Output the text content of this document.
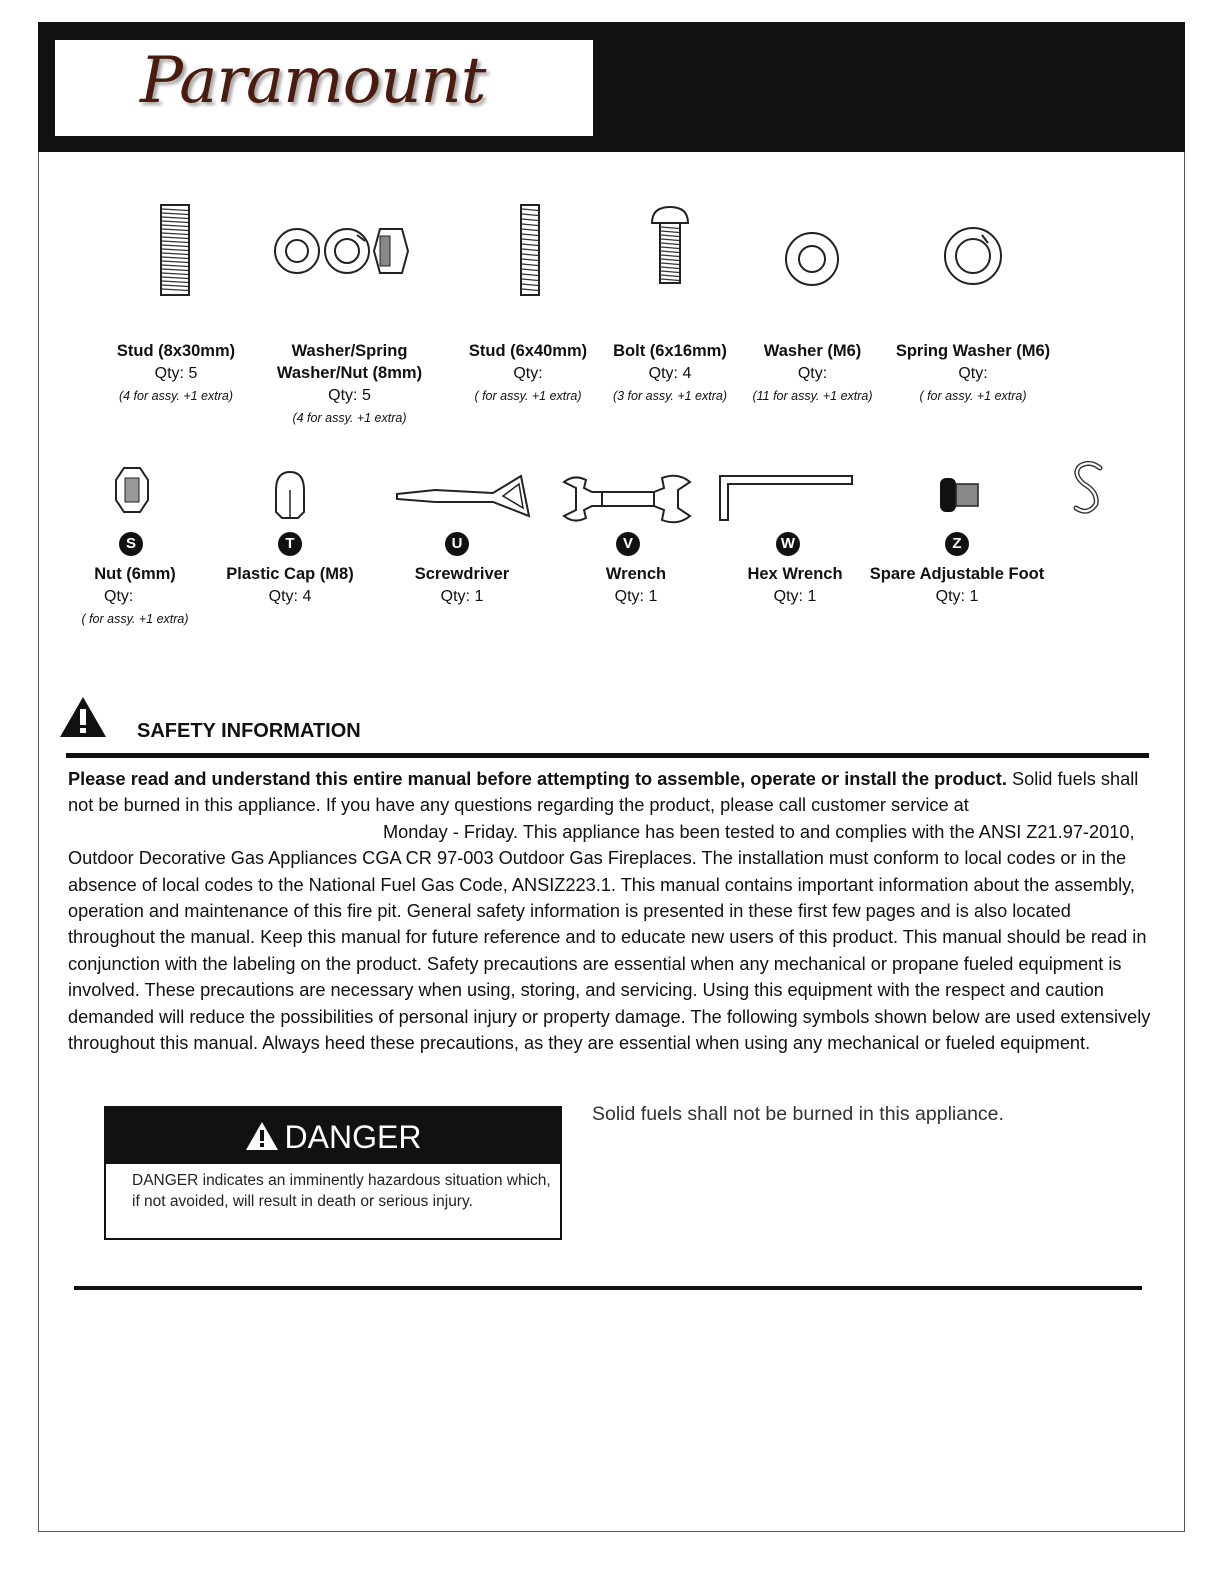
Paramount
Stud (8x30mm)
Qty: 5
(4 for assy. +1 extra)
Washer/Spring Washer/Nut (8mm)
Qty: 5
(4 for assy. +1 extra)
Stud (6x40mm)
Qty:
( for assy. +1 extra)
Bolt (6x16mm)
Qty: 4
(3 for assy. +1 extra)
Washer (M6)
Qty:
(11 for assy. +1 extra)
Spring Washer (M6)
Qty:
( for assy. +1 extra)
S	T	U	V	W	Z
Nut (6mm)
Qty:
( for assy. +1 extra)
Plastic Cap (M8)
Qty: 4
Screwdriver
Qty: 1
Wrench
Qty: 1
Hex Wrench
Qty: 1
Spare Adjustable Foot
Qty: 1
SAFETY INFORMATION
Please read and understand this entire manual before attempting to assemble, operate or install the product. Solid fuels shall not be burned in this appliance. If you have any questions regarding the product, please call customer service at
Monday - Friday. This appliance has been tested to and complies with the ANSI Z21.97-2010, Outdoor Decorative Gas Appliances CGA CR 97-003 Outdoor Gas Fireplaces. The installation must conform to local codes or in the absence of local codes to the National Fuel Gas Code, ANSIZ223.1. This manual contains important information about the assembly, operation and maintenance of this fire pit. General safety information is presented in these first few pages and is also located throughout the manual. Keep this manual for future reference and to educate new users of this product. This manual should be read in conjunction with the labeling on the product. Safety precautions are essential when any mechanical or propane fueled equipment is involved. These precautions are necessary when using, storing, and servicing. Using this equipment with the respect and caution demanded will reduce the possibilities of personal injury or property damage. The following symbols shown below are used extensively throughout this manual. Always heed these precautions, as they are essential when using any mechanical or fueled equipment.
DANGER
DANGER indicates an imminently hazardous situation which, if not avoided, will result in death or serious injury.
Solid fuels shall not be burned in this appliance.
